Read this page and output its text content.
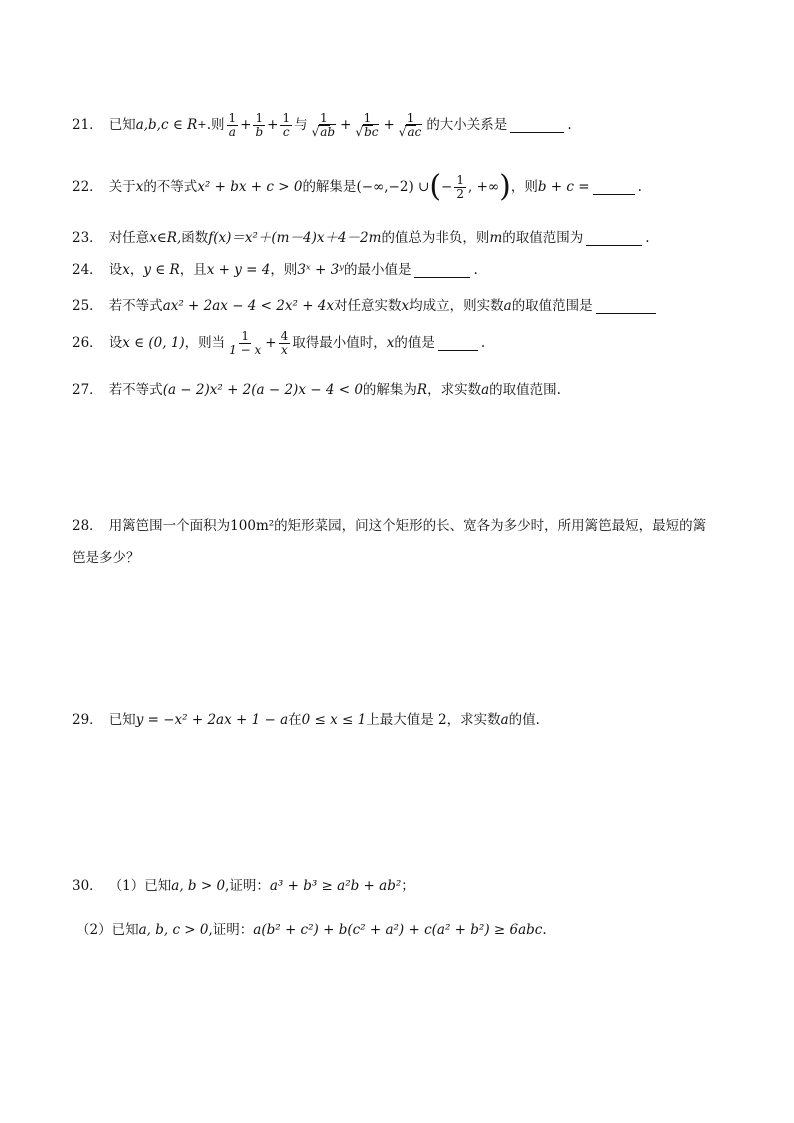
21． 已知 a,b,c ∈ R + .则 $\frac{1}{a} + \frac{1}{b} + \frac{1}{c}$ 与 $\frac{1}{√ab} + \frac{1}{√bc} + \frac{1}{√ac}$ 的大小关系是	.
22． 关于 x 的不等式 x² + bx + c > 0 的解集是 (−∞,−2) ∪ ( − $\frac{1}{2}$ , +∞ ) ，则 b + c =	.
23． 对任意 x∈R, 函数 f(x)＝x²＋(m－4)x＋4－2m 的值总为非负，则 m 的取值范围为	.
24． 设 x ， y ∈ R ，且 x + y = 4 ，则 3ˣ + 3ʸ 的最小值是	.
25． 若不等式 ax² + 2ax − 4 < 2x² + 4x 对任意实数 x 均成立，则实数 a 的取值范围是
26． 设 x ∈ (0, 1) ，则当 $\frac{1}{1 - x} + \frac{4}{x}$ 取得最小值时， x 的值是	.
27． 若不等式 (a − 2)x² + 2(a − 2)x − 4 < 0 的解集为 R ，求实数 a 的取值范围.
28． 用篱笆围一个面积为100m²的矩形菜园，问这个矩形的长、宽各为多少时，所用篱笆最短，最短的篱
笆是多少？
29． 已知 y = −x² + 2ax + 1 − a 在 0 ≤ x ≤ 1 上最大值是 2，求实数 a 的值．
30． （1）已知 a, b > 0 ,证明： a³ + b³ ≥ a²b + ab² ；
（2）已知 a, b, c > 0 ,证明： a(b² + c²) + b(c² + a²) + c(a² + b²) ≥ 6abc .
